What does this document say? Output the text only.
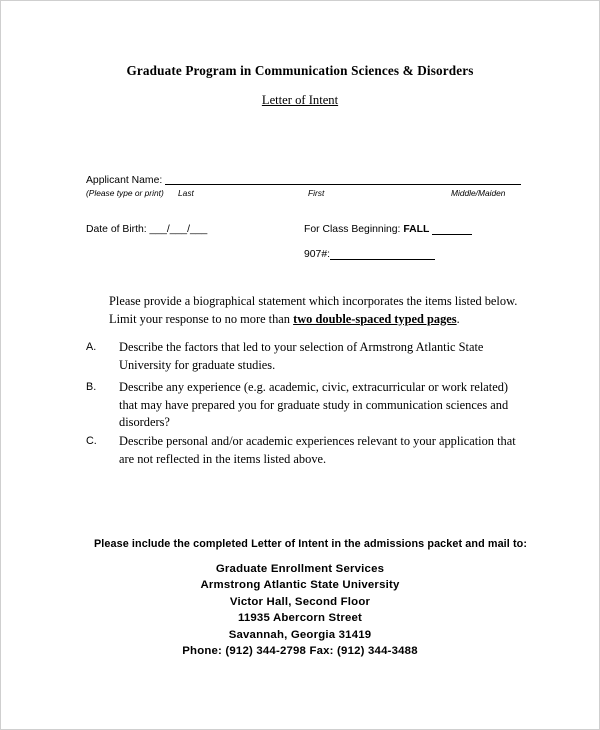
Graduate Program in Communication Sciences & Disorders
Letter of Intent
Applicant Name:
(Please type or print) Last	First	Middle/Maiden
Date of Birth: ___/___/___	For Class Beginning: FALL
907#:
Please provide a biographical statement which incorporates the items listed below. Limit your response to no more than two double-spaced typed pages.
A.	Describe the factors that led to your selection of Armstrong Atlantic State University for graduate studies.
B.	Describe any experience (e.g. academic, civic, extracurricular or work related) that may have prepared you for graduate study in communication sciences and disorders?
C.	Describe personal and/or academic experiences relevant to your application that are not reflected in the items listed above.
Please include the completed Letter of Intent in the admissions packet and mail to:
Graduate Enrollment Services
Armstrong Atlantic State University
Victor Hall, Second Floor
11935 Abercorn Street
Savannah, Georgia 31419
Phone: (912) 344-2798 Fax: (912) 344-3488
